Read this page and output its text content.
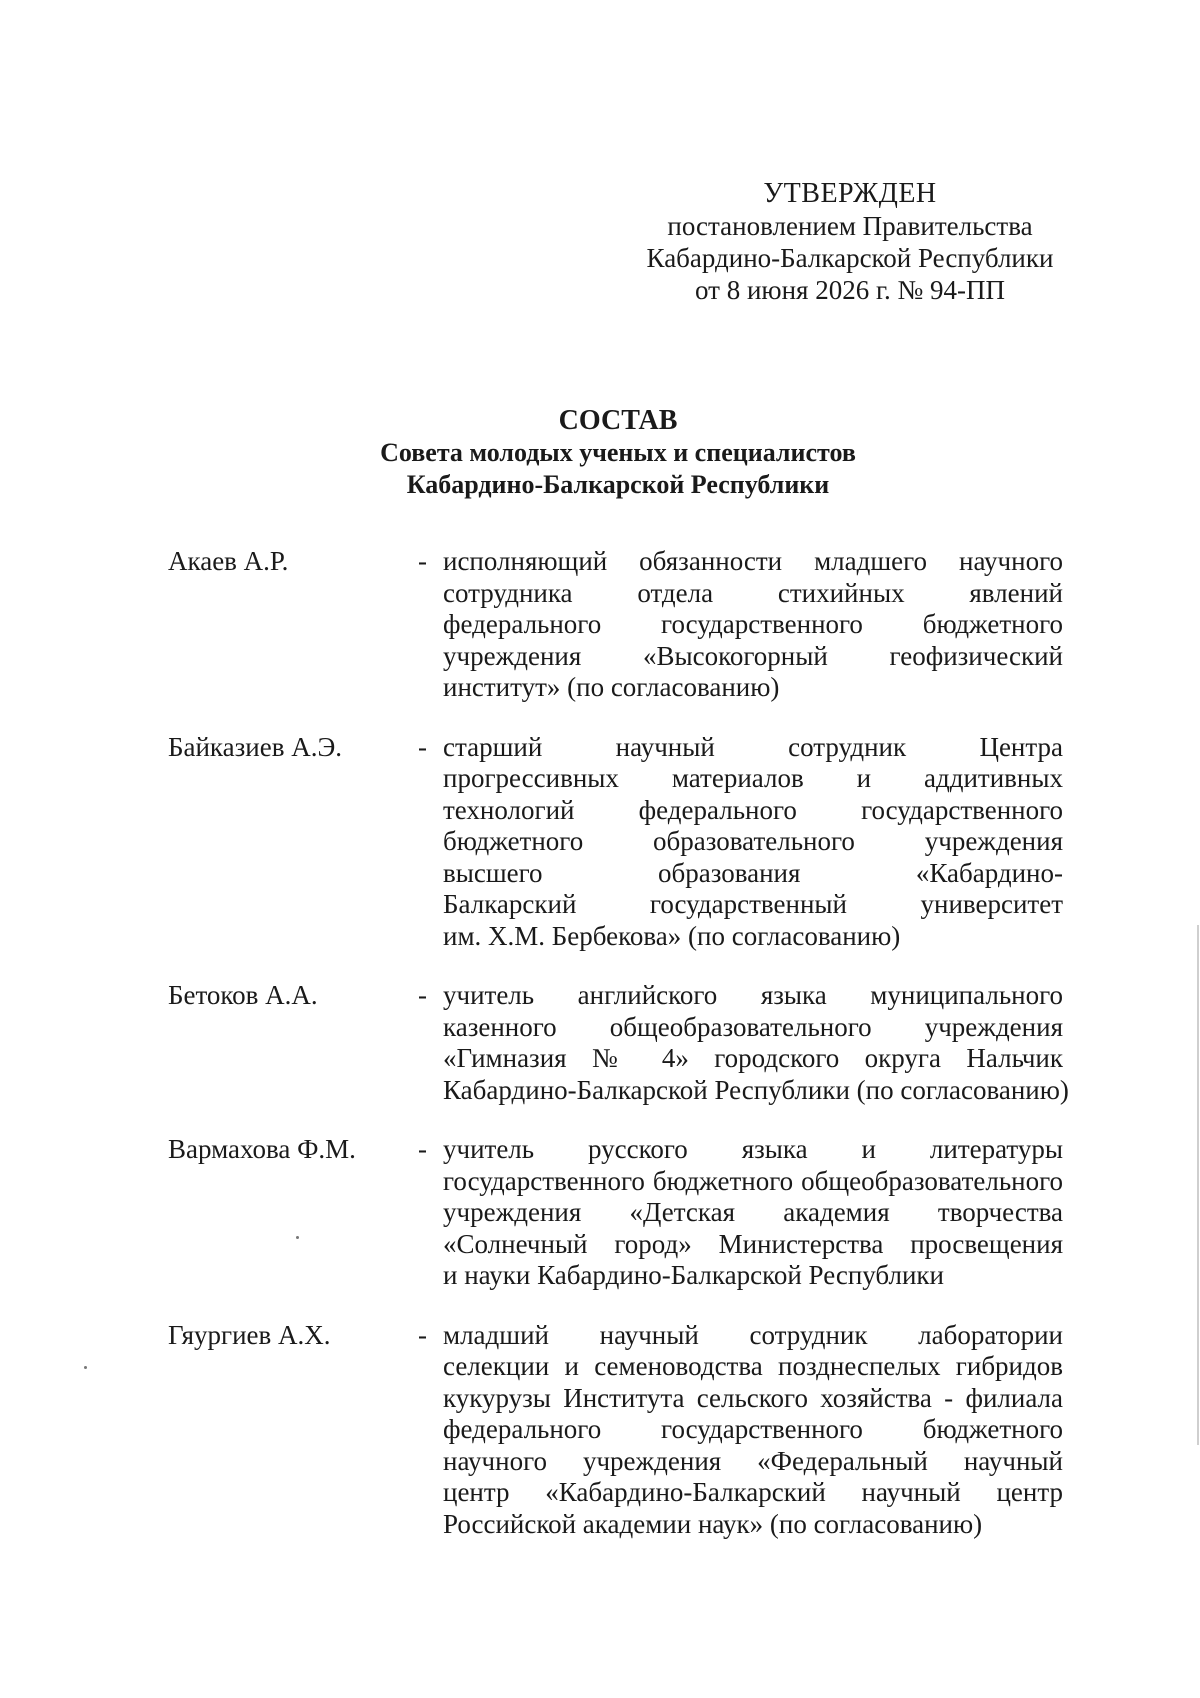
УТВЕРЖДЕН
постановлением Правительства
Кабардино-Балкарской Республики
от 8 июня 2026 г. № 94-ПП
СОСТАВ
Совета молодых ученых и специалистов
Кабардино-Балкарской Республики
Акаев А.Р.	- исполняющий обязанности младшего научного
сотрудника отдела стихийных явлений
федерального государственного бюджетного
учреждения «Высокогорный геофизический
институт» (по согласованию)
Байказиев А.Э.	- старший научный сотрудник Центра
прогрессивных материалов и аддитивных
технологий федерального государственного
бюджетного образовательного учреждения
высшего образования «Кабардино-
Балкарский государственный университет
им. Х.М. Бербекова» (по согласованию)
Бетоков А.А.	- учитель английского языка муниципального
казенного общеобразовательного учреждения
«Гимназия № 4» городского округа Нальчик
Кабардино-Балкарской Республики (по согласованию)
Вармахова Ф.М.	- учитель русского языка и литературы
государственного бюджетного общеобразовательного
учреждения «Детская академия творчества
«Солнечный город» Министерства просвещения
и науки Кабардино-Балкарской Республики
Гяургиев А.Х.	- младший научный сотрудник лаборатории
селекции и семеноводства позднеспелых гибридов
кукурузы Института сельского хозяйства - филиала
федерального государственного бюджетного
научного учреждения «Федеральный научный
центр «Кабардино-Балкарский научный центр
Российской академии наук» (по согласованию)
